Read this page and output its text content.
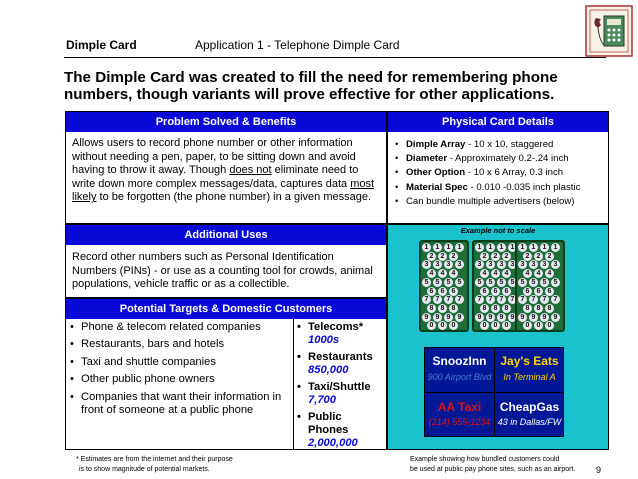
Dimple Card	Application 1 - Telephone Dimple Card
The Dimple Card was created to fill the need for remembering phone numbers, though variants will prove effective for other applications.
Problem Solved & Benefits
Allows users to record phone number or other information without needing a pen, paper, to be sitting down and avoid having to throw it away. Though does not eliminate need to write down more complex messages/data, captures data most likely to be forgotten (the phone number) in a given message.
Additional Uses
Record other numbers such as Personal Identification Numbers (PINs) - or use as a counting tool for crowds, animal populations, vehicle traffic or as a collectible.
Potential Targets & Domestic Customers
• Phone & telecom related companies
• Restaurants, bars and hotels
• Taxi and shuttle companies
• Other public phone owners
• Companies that want their information in front of someone at a public phone
• Telecoms*
1000s
• Restaurants
850,000
• Taxi/Shuttle
7,700
• Public Phones
2,000,000
Physical Card Details
• Dimple Array - 10 x 10, staggered
• Diameter - Approximately 0.2-.24 inch
• Other Option - 10 x 6 Array, 0.3 inch
• Material Spec - 0.010 -0.035 inch plastic
• Can bundle multiple advertisers (below)
Example not to scale
1	1	1	1
2	2	2
3	3	3	3
4	4	4
5	5	5	5
6	6	6
7	7	7	7
8	8	8
9	9	9	9
0	0	0
1	1	1	1
2	2	2
3	3	3	3
4	4	4
5	5	5	5
6	6	6
7	7	7	7
8	8	8
9	9	9	9
0	0	0
1	1	1	1
2	2	2
3	3	3	3
4	4	4
5	5	5	5
6	6	6
7	7	7	7
8	8	8
9	9	9	9
0	0	0
SnoozInn
900 Airport Blvd
Jay's Eats
In Terminal A
AA Taxi
(214) 555-1234
CheapGas
43 in Dallas/FW
* Estimates are from the internet and their purpose
is to show magnitude of potential markets.
Example showing how bundled customers could
be used at public pay phone sites, such as an airport. 9
